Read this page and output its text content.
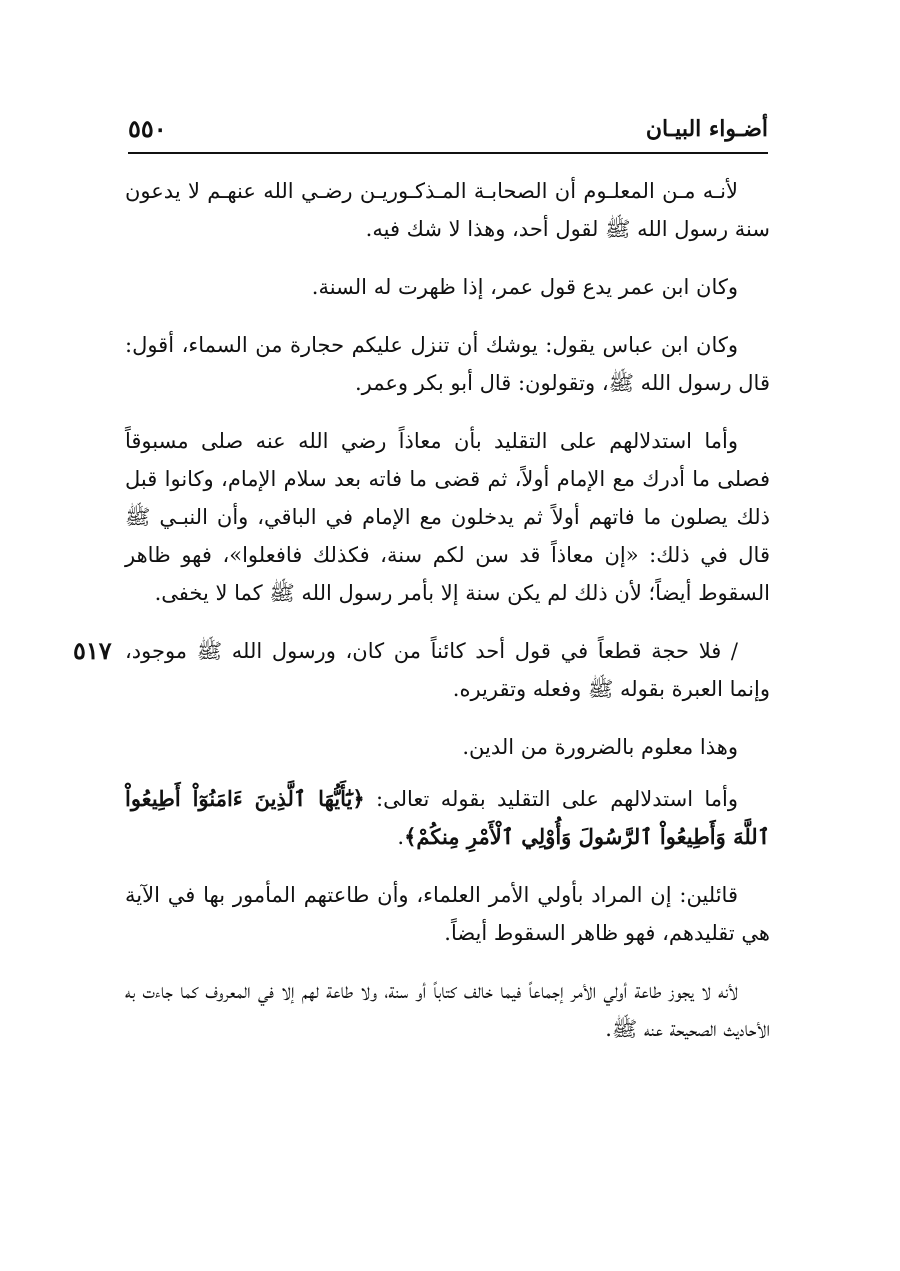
أضـواء البيـان
٥٥٠

لأنـه مـن المعلـوم أن الصحابـة المـذكـوريـن رضـي الله عنهـم لا يدعون سنة رسول الله ﷺ لقول أحد، وهذا لا شك فيه.

وكان ابن عمر يدع قول عمر، إذا ظهرت له السنة.

وكان ابن عباس يقول: يوشك أن تنزل عليكم حجارة من السماء، أقول: قال رسول الله ﷺ، وتقولون: قال أبو بكر وعمر.

وأما استدلالهم على التقليد بأن معاذاً رضي الله عنه صلى مسبوقاً فصلى ما أدرك مع الإمام أولاً، ثم قضى ما فاته بعد سلام الإمام، وكانوا قبل ذلك يصلون ما فاتهم أولاً ثم يدخلون مع الإمام في الباقي، وأن النبـي ﷺ قال في ذلك: «إن معاذاً قد سن لكم سنة، فكذلك فافعلوا»، فهو ظاهر السقوط أيضاً؛ لأن ذلك لم يكن سنة إلا بأمر رسول الله ﷺ كما لا يخفى.

٥١٧ / فلا حجة قطعاً في قول أحد كائناً من كان، ورسول الله ﷺ موجود، وإنما العبرة بقوله ﷺ وفعله وتقريره.

وهذا معلوم بالضرورة من الدين.

وأما استدلالهم على التقليد بقوله تعالى: ﴿يَٰٓأَيُّهَا ٱلَّذِينَ ءَامَنُوٓاْ أَطِيعُواْ ٱللَّهَ وَأَطِيعُواْ ٱلرَّسُولَ وَأُوْلِي ٱلْأَمْرِ مِنكُمْ﴾.

قائلين: إن المراد بأولي الأمر العلماء، وأن طاعتهم المأمور بها في الآية هي تقليدهم، فهو ظاهر السقوط أيضاً.

لأنه لا يجوز طاعة أولي الأمر إجماعاً فيما خالف كتاباً أو سنة، ولا طاعة لهم إلا في المعروف كما جاءت به الأحاديث الصحيحة عنه ﷺ.
